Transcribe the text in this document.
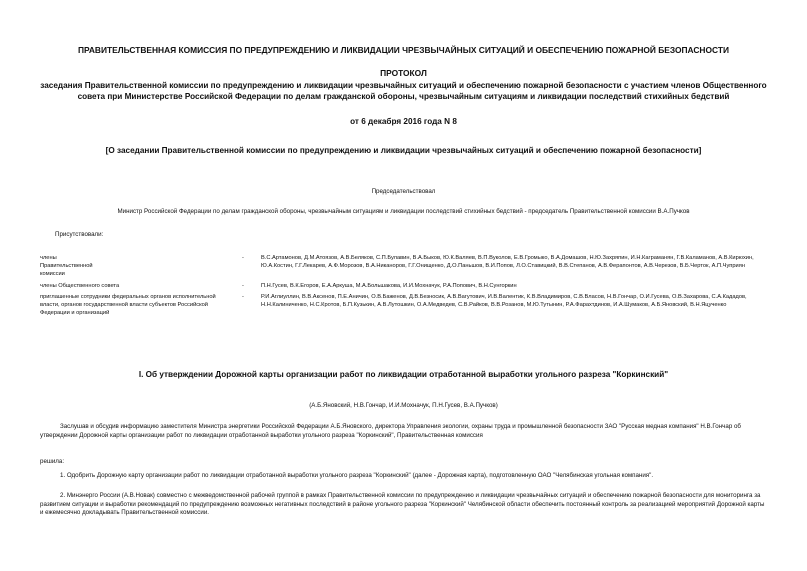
ПРАВИТЕЛЬСТВЕННАЯ КОМИССИЯ ПО ПРЕДУПРЕЖДЕНИЮ И ЛИКВИДАЦИИ ЧРЕЗВЫЧАЙНЫХ СИТУАЦИЙ И ОБЕСПЕЧЕНИЮ ПОЖАРНОЙ БЕЗОПАСНОСТИ
ПРОТОКОЛ
заседания Правительственной комиссии по предупреждению и ликвидации чрезвычайных ситуаций и обеспечению пожарной безопасности с участием членов Общественного совета при Министерстве Российской Федерации по делам гражданской обороны, чрезвычайным ситуациям и ликвидации последствий стихийных бедствий
от 6 декабря 2016 года N 8
[О заседании Правительственной комиссии по предупреждению и ликвидации чрезвычайных ситуаций и обеспечению пожарной безопасности]
Председательствовал
Министр Российской Федерации по делам гражданской обороны, чрезвычайным ситуациям и ликвидации последствий стихийных бедствий - председатель Правительственной комиссии В.А.Пучков
Присутствовали:
члены
Правительственной
комиссии
-	В.С.Артамонов, Д.М.Атоязов, А.В.Беляков, С.П.Булавин, В.А.Быков, Ю.К.Валяев, В.П.Вуколов, Е.В.Громыко, В.А.Домашов, Н.Ю.Захряпин, И.Н.Каграманян, Г.В.Каламанов, А.В.Кирюхин, Ю.А.Костин, Г.Г.Лекарев, А.Ф.Морозов, В.А.Никаноров, Г.Г.Онищенко, Д.О.Паньшов, В.И.Попов, Л.О.Ставицкий, В.В.Степанов, А.В.Ферапонтов, А.В.Черезов, В.Б.Черток, А.П.Чуприян
члены Общественного совета	-	П.Н.Гусев, В.К.Егоров, Е.А.Аркуша, М.А.Большакова, И.И.Мохначук, Р.А.Попович, В.Н.Сунгоркин
приглашенные сотрудники федеральных органов исполнительной власти, органов государственной власти субъектов Российской Федерации и организаций
-	Р.И.Аглиуллин, В.В.Аксенов, П.Е.Аничин, О.В.Баженов, Д.В.Безносик, А.В.Вагутович, И.В.Валентик, К.В.Владимиров, С.В.Власов, Н.В.Гончар, О.И.Гусева, О.В.Захарова, С.А.Кададов, Н.Н.Калиниченко, Н.С.Кротов, Б.П.Кузькин, А.В.Лутошкин, О.А.Медведев, С.В.Райков, В.В.Розанов, М.Ю.Тутынин, Р.А.Фарахтдинов, И.А.Шумаков, А.Б.Яновский, В.Н.Яцученко
I. Об утверждении Дорожной карты организации работ по ликвидации отработанной выработки угольного разреза "Коркинский"
(А.Б.Яновский, Н.В.Гончар, И.И.Мохначук, П.Н.Гусев, В.А.Пучков)
Заслушав и обсудив информацию заместителя Министра энергетики Российской Федерации А.Б.Яновского, директора Управления экологии, охраны труда и промышленной безопасности ЗАО "Русская медная компания" Н.В.Гончар об утверждении Дорожной карты организации работ по ликвидации отработанной выработки угольного разреза "Коркинский", Правительственная комиссия
решила:
1. Одобрить Дорожную карту организации работ по ликвидации отработанной выработки угольного разреза "Коркинский" (далее - Дорожная карта), подготовленную ОАО "Челябинская угольная компания".
2. Минэнерго России (А.В.Новак) совместно с межведомственной рабочей группой в рамках Правительственной комиссии по предупреждению и ликвидации чрезвычайных ситуаций и обеспечению пожарной безопасности для мониторинга за развитием ситуации и выработки рекомендаций по предупреждению возможных негативных последствий в районе угольного разреза "Коркинский" Челябинской области обеспечить постоянный контроль за реализацией мероприятий Дорожной карты и ежемесячно докладывать Правительственной комиссии.
